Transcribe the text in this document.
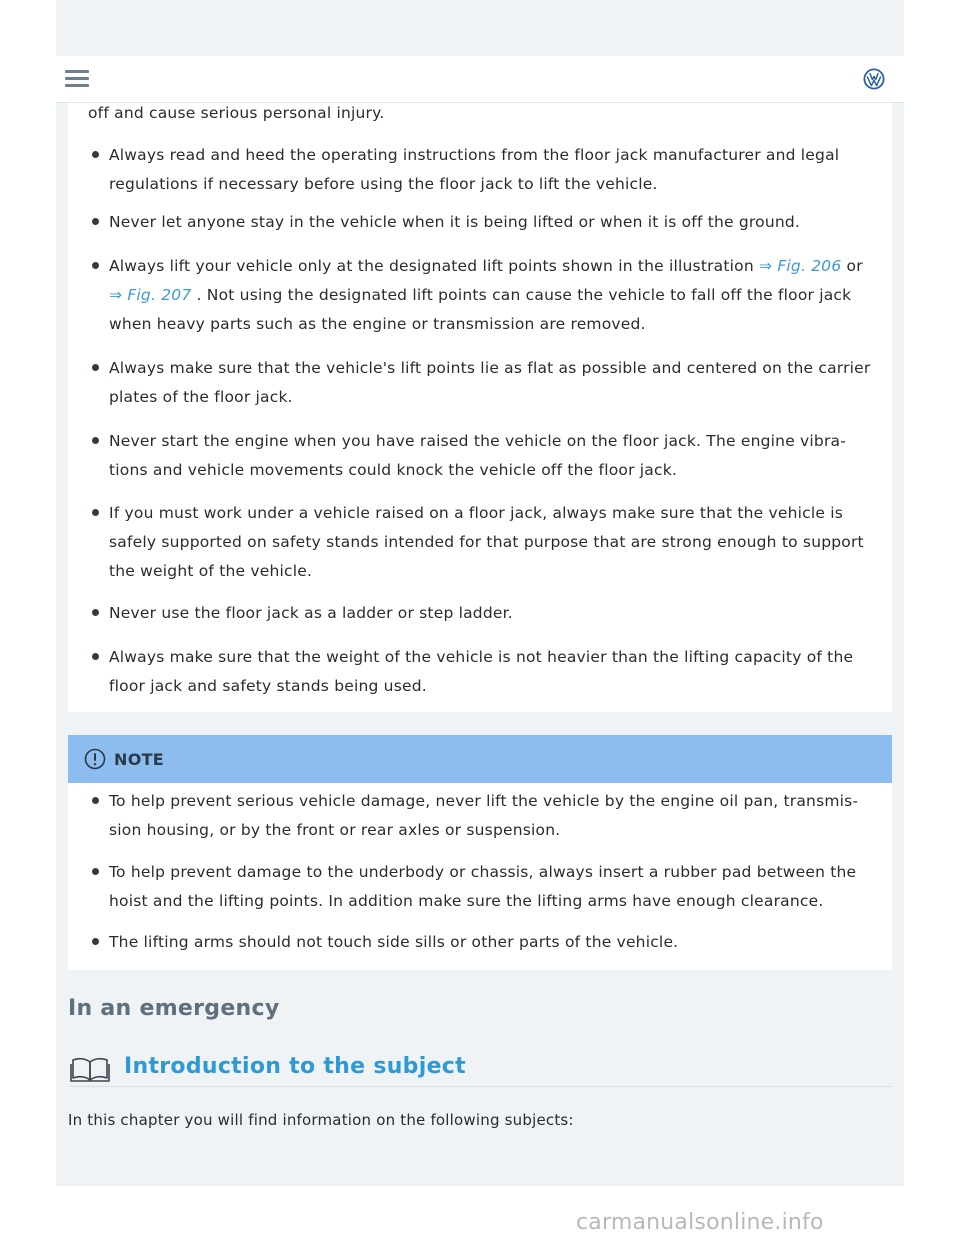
off and cause serious personal injury.
Always read and heed the operating instructions from the floor jack manufacturer and legal regulations if necessary before using the floor jack to lift the vehicle.
Never let anyone stay in the vehicle when it is being lifted or when it is off the ground.
Always lift your vehicle only at the designated lift points shown in the illustration ⇒ Fig. 206 or ⇒ Fig. 207 . Not using the designated lift points can cause the vehicle to fall off the floor jack when heavy parts such as the engine or transmission are removed.
Always make sure that the vehicle's lift points lie as flat as possible and centered on the carrier plates of the floor jack.
Never start the engine when you have raised the vehicle on the floor jack. The engine vibra-tions and vehicle movements could knock the vehicle off the floor jack.
If you must work under a vehicle raised on a floor jack, always make sure that the vehicle is safely supported on safety stands intended for that purpose that are strong enough to support the weight of the vehicle.
Never use the floor jack as a ladder or step ladder.
Always make sure that the weight of the vehicle is not heavier than the lifting capacity of the floor jack and safety stands being used.
NOTE
To help prevent serious vehicle damage, never lift the vehicle by the engine oil pan, transmis-sion housing, or by the front or rear axles or suspension.
To help prevent damage to the underbody or chassis, always insert a rubber pad between the hoist and the lifting points. In addition make sure the lifting arms have enough clearance.
The lifting arms should not touch side sills or other parts of the vehicle.
In an emergency
Introduction to the subject
In this chapter you will find information on the following subjects:
carmanualsonline.info
